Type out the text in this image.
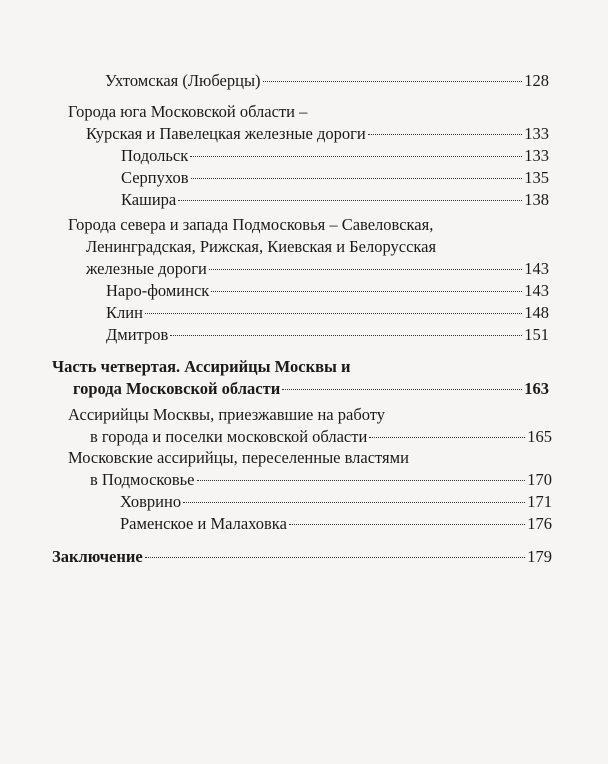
Ухтомская (Люберцы)	128
Города юга Московской области –
Курская и Павелецкая железные дороги	133
Подольск	133
Серпухов	135
Кашира	138
Города севера и запада Подмосковья – Савеловская,
Ленинградская, Рижская, Киевская и Белорусская
железные дороги	143
Наро-фоминск	143
Клин	148
Дмитров	151
Часть четвертая. Ассирийцы Москвы и
города Московской области	163
Ассирийцы Москвы, приезжавшие на работу
в города и поселки московской области	165
Московские ассирийцы, переселенные властями
в Подмосковье	170
Ховрино	171
Раменское и Малаховка	176
Заключение	179
